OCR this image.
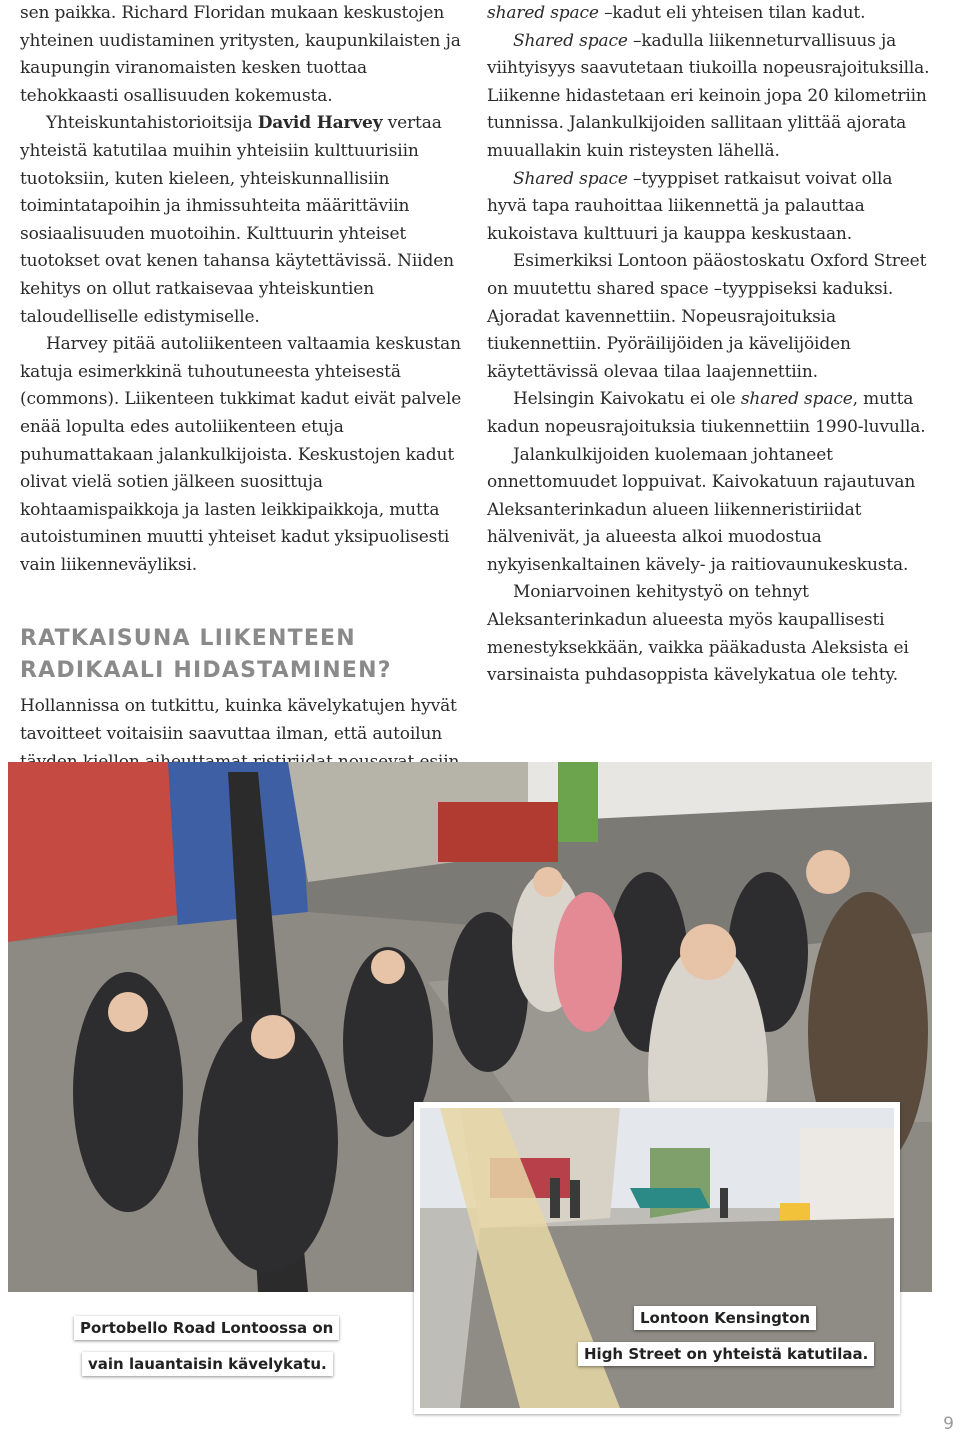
sen paikka. Richard Floridan mukaan keskustojen yhteinen uudistaminen yritysten, kaupunkilaisten ja kaupungin viranomaisten kesken tuottaa tehokkaasti osallisuuden kokemusta.

Yhteiskuntahistorioitsija David Harvey vertaa yhteistä katutilaa muihin yhteisiin kulttuurisiin tuotoksiin, kuten kieleen, yhteiskunnallisiin toimintatapoihin ja ihmissuhteita määrittäviin sosiaalisuuden muotoihin. Kulttuurin yhteiset tuotokset ovat kenen tahansa käytettävissä. Niiden kehitys on ollut ratkaisevaa yhteiskuntien taloudelliselle edistymiselle.

Harvey pitää autoliikenteen valtaamia keskustan katuja esimerkkinä tuhoutuneesta yhteisestä (commons). Liikenteen tukkimat kadut eivät palvele enää lopulta edes autoliikenteen etuja puhumattakaan jalankulkijoista. Keskustojen kadut olivat vielä sotien jälkeen suosittuja kohtaamispaikkoja ja lasten leikkipaikkoja, mutta autoistuminen muutti yhteiset kadut yksipuolisesti vain liikenneväyliksi.

RATKAISUNA LIIKENTEEN
RADIKAALI HIDASTAMINEN?

Hollannissa on tutkittu, kuinka kävelykatujen hyvät tavoitteet voitaisiin saavuttaa ilman, että autoilun

shared space –kadut eli yhteisen tilan kadut.

Shared space –kadulla liikenneturvallisuus ja viihtyisyys saavutetaan tiukoilla nopeusrajoituksilla. Liikenne hidastetaan eri keinoin jopa 20 kilometriin tunnissa. Jalankulkijoiden sallitaan ylittää ajorata muuallakin kuin risteysten lähellä.

Shared space –tyyppiset ratkaisut voivat olla hyvä tapa rauhoittaa liikennettä ja palauttaa kukoistava kulttuuri ja kauppa keskustaan.

Esimerkiksi Lontoon pääostoskatu Oxford Street on muutettu shared space –tyyppiseksi kaduksi. Ajoradat kavennettiin. Nopeusrajoituksia tiukennettiin. Pyöräilijöiden ja kävelijöiden käytettävissä olevaa tilaa laajennettiin.

Helsingin Kaivokatu ei ole shared space, mutta kadun nopeusrajoituksia tiukennettiin 1990-luvulla.

Jalankulkijoiden kuolemaan johtaneet onnettomuudet loppuivat. Kaivokatuun rajautuvan Aleksanterinkadun alueen liikenneristiriidat hälvenivät, ja alueesta alkoi muodostua nykyisenkaltainen kävely- ja raitiovaunukeskusta.

Moniarvoinen kehitystyö on tehnyt Aleksanterinkadun alueesta myös kaupallisesti menestyksekkään, vaikka pääkadusta Aleksista ei varsinaista puhdasoppista kävelykatua ole tehty.

Portobello Road Lontoossa on
vain lauantaisin kävelykatu.
Lontoon Kensington
High Street on yhteistä katutilaa.
9
